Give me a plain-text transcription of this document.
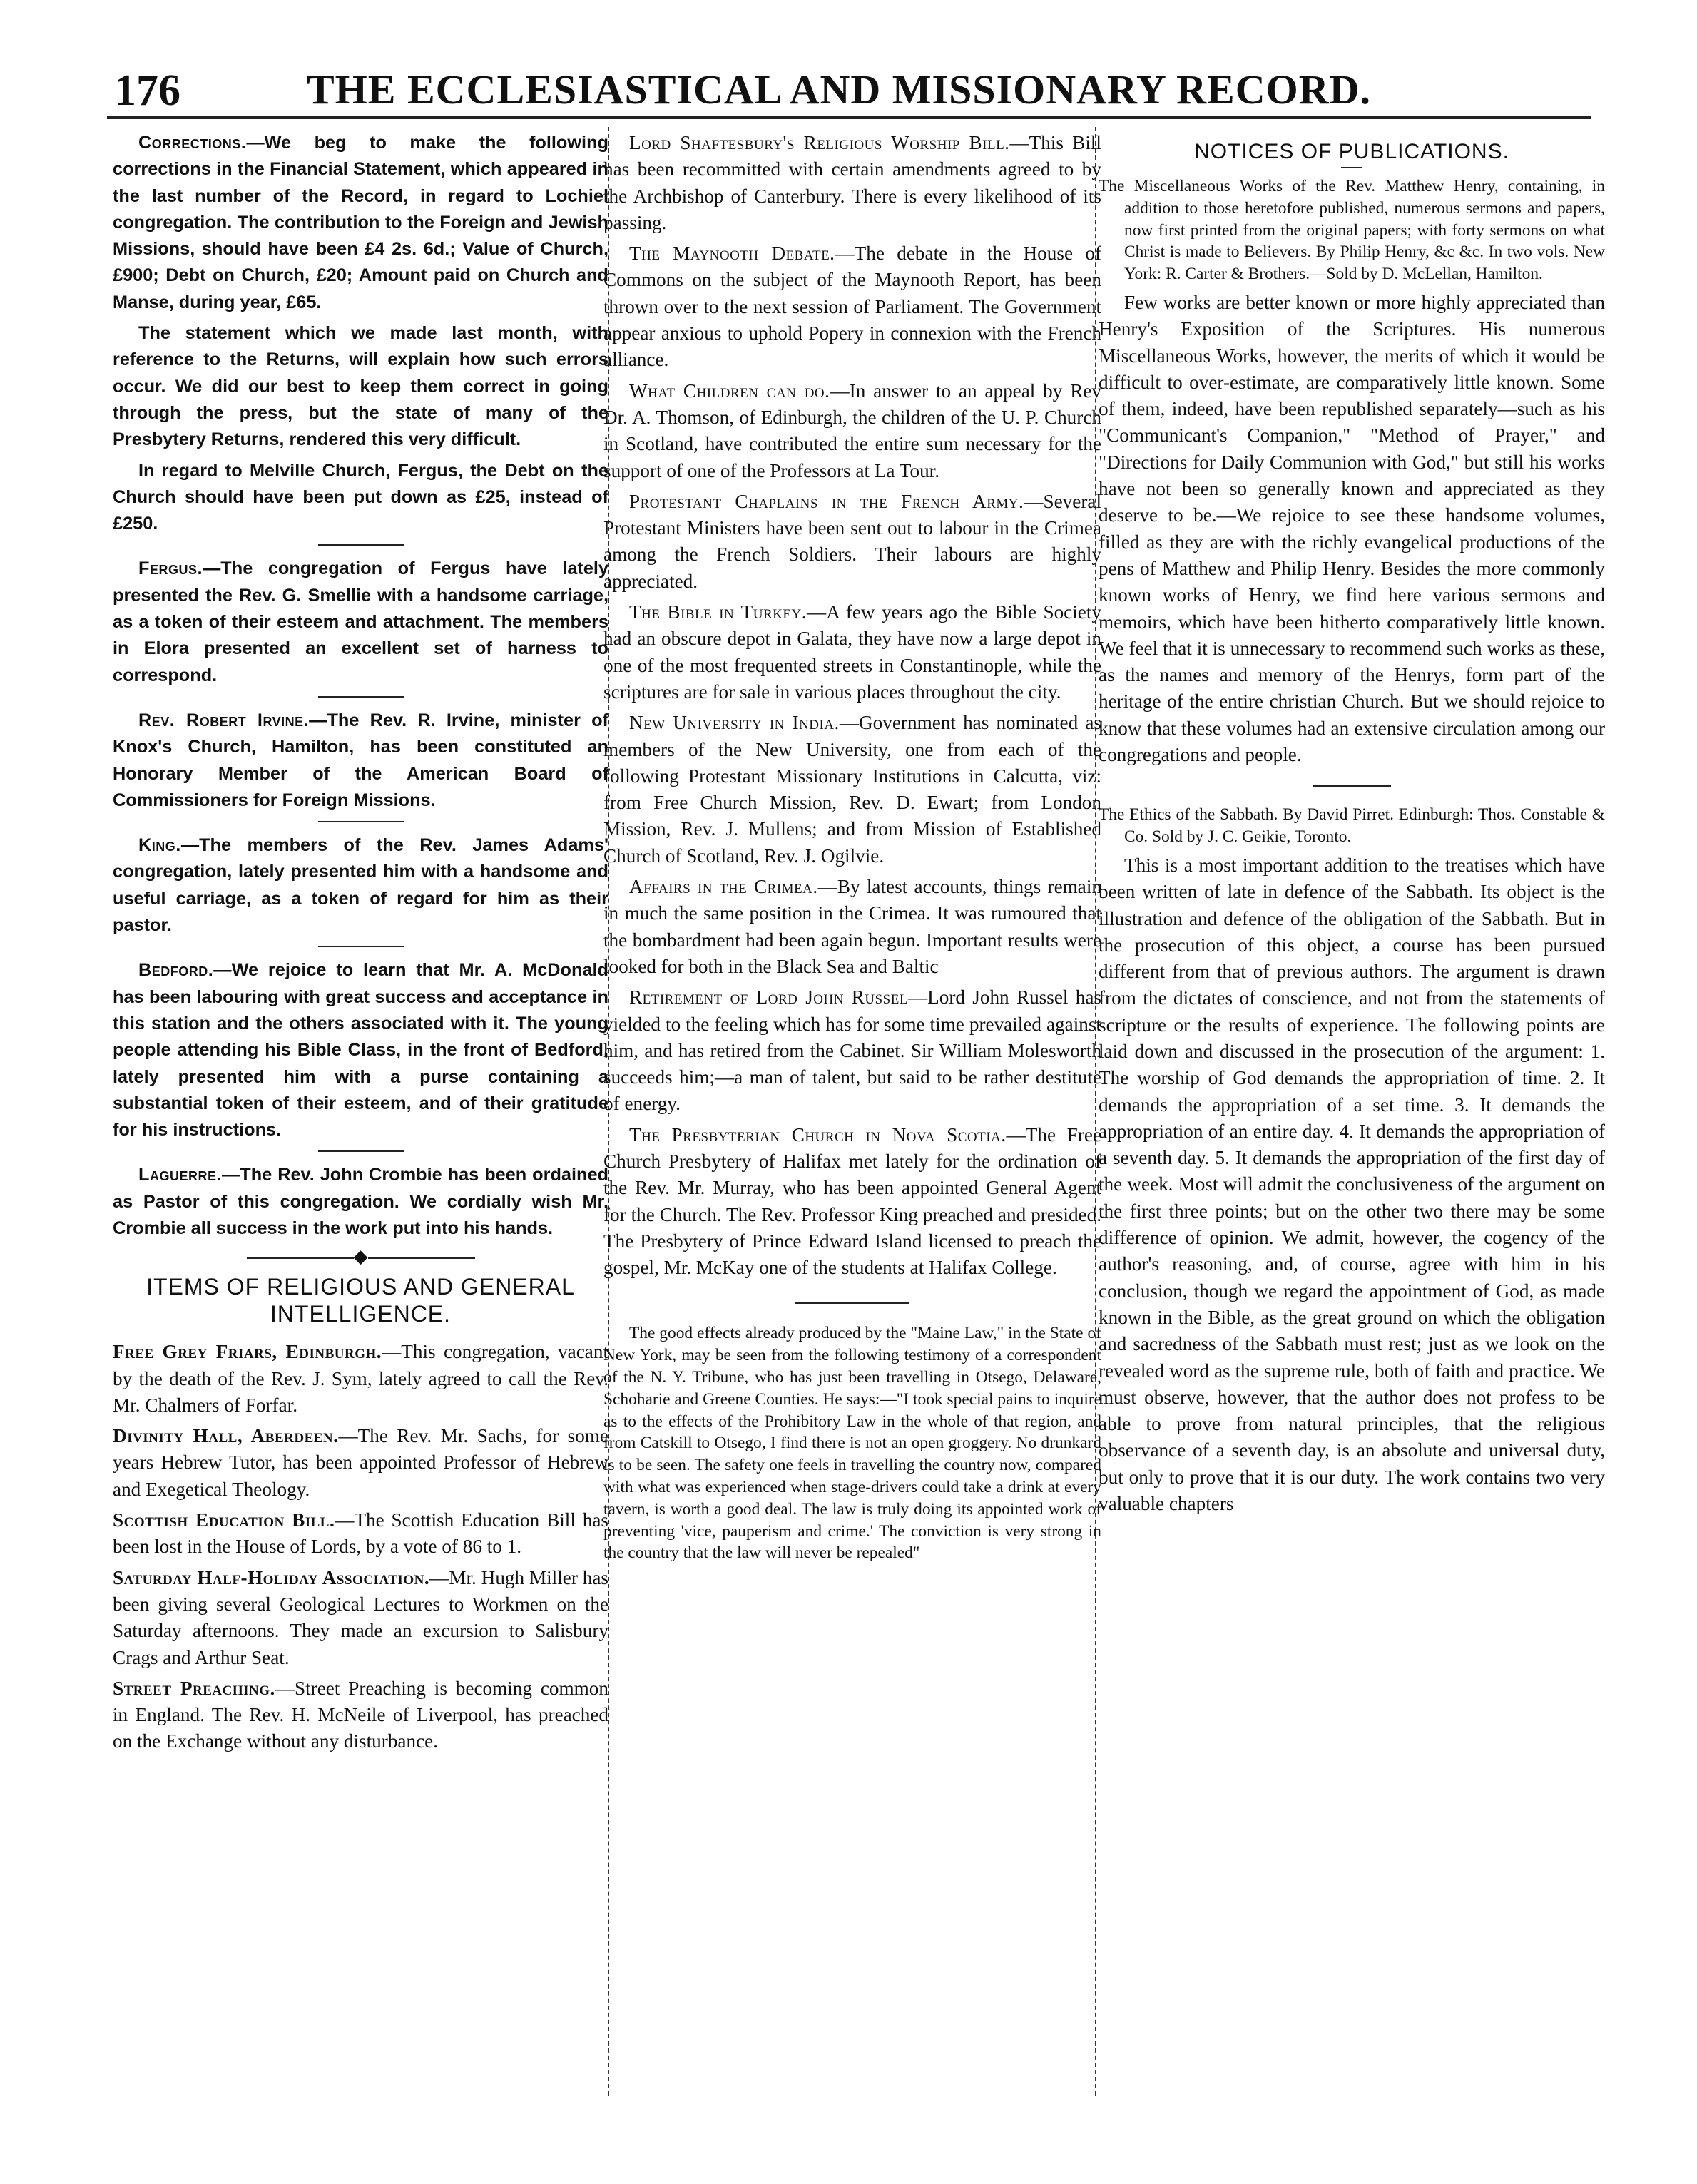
176	THE ECCLESIASTICAL AND MISSIONARY RECORD.

Corrections.—We beg to make the following corrections in the Financial Statement, which appeared in the last number of the Record, in regard to Lochiel congregation. The contribution to the Foreign and Jewish Missions, should have been £4 2s. 6d.; Value of Church, £900; Debt on Church, £20; Amount paid on Church and Manse, during year, £65.

The statement which we made last month, with reference to the Returns, will explain how such errors occur. We did our best to keep them correct in going through the press, but the state of many of the Presbytery Returns, rendered this very difficult.

In regard to Melville Church, Fergus, the Debt on the Church should have been put down as £25, instead of £250.

Fergus.—The congregation of Fergus have lately presented the Rev. G. Smellie with a handsome carriage, as a token of their esteem and attachment. The members in Elora presented an excellent set of harness to correspond.

Rev. Robert Irvine.—The Rev. R. Irvine, minister of Knox's Church, Hamilton, has been constituted an Honorary Member of the American Board of Commissioners for Foreign Missions.

King.—The members of the Rev. James Adams' congregation, lately presented him with a handsome and useful carriage, as a token of regard for him as their pastor.

Bedford.—We rejoice to learn that Mr. A. McDonald has been labouring with great success and acceptance in this station and the others associated with it. The young people attending his Bible Class, in the front of Bedford, lately presented him with a purse containing a substantial token of their esteem, and of their gratitude for his instructions.

Laguerre.—The Rev. John Crombie has been ordained as Pastor of this congregation. We cordially wish Mr. Crombie all success in the work put into his hands.

◆
ITEMS OF RELIGIOUS AND GENERAL INTELLIGENCE.

Free Grey Friars, Edinburgh.—This congregation, vacant by the death of the Rev. J. Sym, lately agreed to call the Rev. Mr. Chalmers of Forfar.

Divinity Hall, Aberdeen.—The Rev. Mr. Sachs, for some years Hebrew Tutor, has been appointed Professor of Hebrew and Exegetical Theology.

Scottish Education Bill.—The Scottish Education Bill has been lost in the House of Lords, by a vote of 86 to 1.

Saturday Half-Holiday Association.—Mr. Hugh Miller has been giving several Geological Lectures to Workmen on the Saturday afternoons. They made an excursion to Salisbury Crags and Arthur Seat.

Street Preaching.—Street Preaching is becoming common in England. The Rev. H. McNeile of Liverpool, has preached on the Exchange without any disturbance.

Lord Shaftesbury's Religious Worship Bill.—This Bill has been recommitted with certain amendments agreed to by the Archbishop of Canterbury. There is every likelihood of its passing.

The Maynooth Debate.—The debate in the House of Commons on the subject of the Maynooth Report, has been thrown over to the next session of Parliament. The Government appear anxious to uphold Popery in connexion with the French alliance.

What Children can do.—In answer to an appeal by Rev Dr. A. Thomson, of Edinburgh, the children of the U. P. Church in Scotland, have contributed the entire sum necessary for the support of one of the Professors at La Tour.

Protestant Chaplains in the French Army.—Several Protestant Ministers have been sent out to labour in the Crimea among the French Soldiers. Their labours are highly appreciated.

The Bible in Turkey.—A few years ago the Bible Society had an obscure depot in Galata, they have now a large depot in one of the most frequented streets in Constantinople, while the scriptures are for sale in various places throughout the city.

New University in India.—Government has nominated as members of the New University, one from each of the following Protestant Missionary Institutions in Calcutta, viz: from Free Church Mission, Rev. D. Ewart; from London Mission, Rev. J. Mullens; and from Mission of Established Church of Scotland, Rev. J. Ogilvie.

Affairs in the Crimea.—By latest accounts, things remain in much the same position in the Crimea. It was rumoured that the bombardment had been again begun. Important results were looked for both in the Black Sea and Baltic

Retirement of Lord John Russel—Lord John Russel has yielded to the feeling which has for some time prevailed against him, and has retired from the Cabinet. Sir William Molesworth succeeds him;—a man of talent, but said to be rather destitute of energy.

The Presbyterian Church in Nova Scotia.—The Free Church Presbytery of Halifax met lately for the ordination of the Rev. Mr. Murray, who has been appointed General Agent for the Church. The Rev. Professor King preached and presided. The Presbytery of Prince Edward Island licensed to preach the gospel, Mr. McKay one of the students at Halifax College.

The good effects already produced by the "Maine Law," in the State of New York, may be seen from the following testimony of a correspondent of the N. Y. Tribune, who has just been travelling in Otsego, Delaware, Schoharie and Greene Counties. He says:—"I took special pains to inquire as to the effects of the Prohibitory Law in the whole of that region, and from Catskill to Otsego, I find there is not an open groggery. No drunkard is to be seen. The safety one feels in travelling the country now, compared with what was experienced when stage-drivers could take a drink at every tavern, is worth a good deal. The law is truly doing its appointed work of preventing 'vice, pauperism and crime.' The conviction is very strong in the country that the law will never be repealed"

NOTICES OF PUBLICATIONS.

The Miscellaneous Works of the Rev. Matthew Henry, containing, in addition to those heretofore published, numerous sermons and papers, now first printed from the original papers; with forty sermons on what Christ is made to Believers. By Philip Henry, &c &c. In two vols. New York: R. Carter & Brothers.—Sold by D. McLellan, Hamilton.

Few works are better known or more highly appreciated than Henry's Exposition of the Scriptures. His numerous Miscellaneous Works, however, the merits of which it would be difficult to over-estimate, are comparatively little known. Some of them, indeed, have been republished separately—such as his "Communicant's Companion," "Method of Prayer," and "Directions for Daily Communion with God," but still his works have not been so generally known and appreciated as they deserve to be.—We rejoice to see these handsome volumes, filled as they are with the richly evangelical productions of the pens of Matthew and Philip Henry. Besides the more commonly known works of Henry, we find here various sermons and memoirs, which have been hitherto comparatively little known. We feel that it is unnecessary to recommend such works as these, as the names and memory of the Henrys, form part of the heritage of the entire christian Church. But we should rejoice to know that these volumes had an extensive circulation among our congregations and people.

The Ethics of the Sabbath. By David Pirret. Edinburgh: Thos. Constable & Co. Sold by J. C. Geikie, Toronto.

This is a most important addition to the treatises which have been written of late in defence of the Sabbath. Its object is the illustration and defence of the obligation of the Sabbath. But in the prosecution of this object, a course has been pursued different from that of previous authors. The argument is drawn from the dictates of conscience, and not from the statements of scripture or the results of experience. The following points are laid down and discussed in the prosecution of the argument: 1. The worship of God demands the appropriation of time. 2. It demands the appropriation of a set time. 3. It demands the appropriation of an entire day. 4. It demands the appropriation of a seventh day. 5. It demands the appropriation of the first day of the week. Most will admit the conclusiveness of the argument on the first three points; but on the other two there may be some difference of opinion. We admit, however, the cogency of the author's reasoning, and, of course, agree with him in his conclusion, though we regard the appointment of God, as made known in the Bible, as the great ground on which the obligation and sacredness of the Sabbath must rest; just as we look on the revealed word as the supreme rule, both of faith and practice. We must observe, however, that the author does not profess to be able to prove from natural principles, that the religious observance of a seventh day, is an absolute and universal duty, but only to prove that it is our duty. The work contains two very valuable chapters
